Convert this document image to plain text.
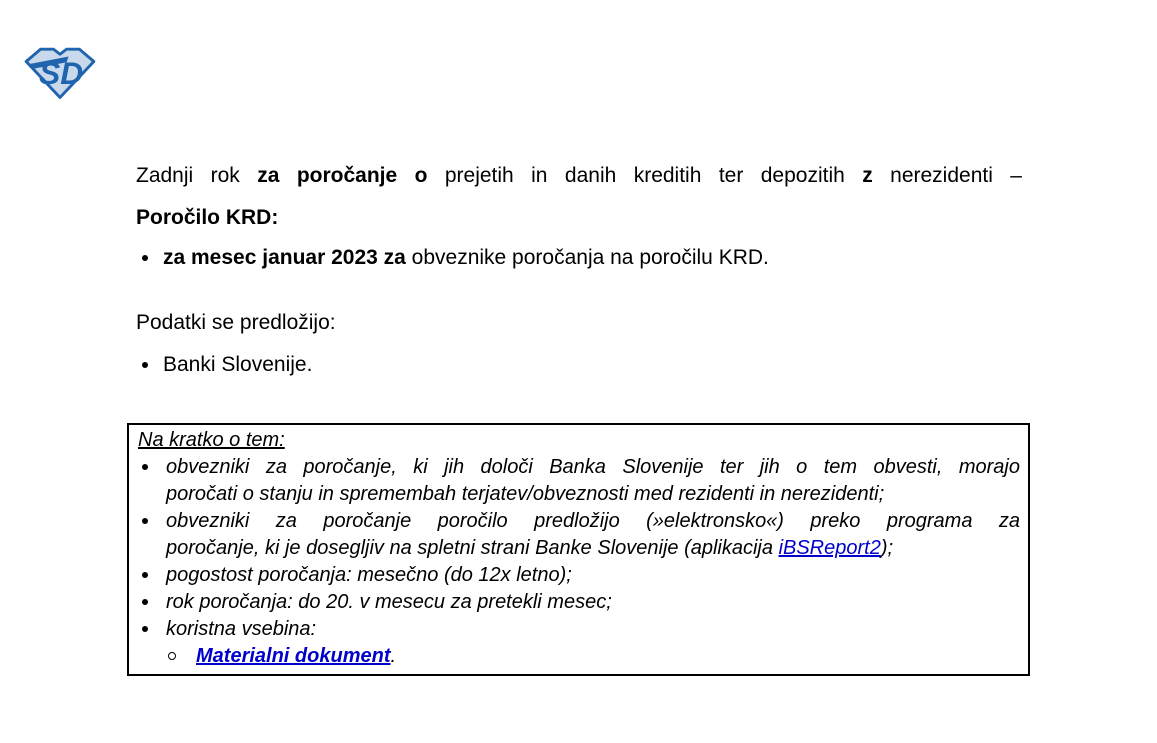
SD
Zadnji rok za poročanje o prejetih in danih kreditih ter depozitih z nerezidenti –
Poročilo KRD:
za mesec januar 2023 za obveznike poročanja na poročilu KRD.
Podatki se predložijo:
Banki Slovenije.
Na kratko o tem:
obvezniki za poročanje, ki jih določi Banka Slovenije ter jih o tem obvesti, morajo
poročati o stanju in spremembah terjatev/obveznosti med rezidenti in nerezidenti;
obvezniki za poročanje poročilo predložijo (»elektronsko«) preko programa za
poročanje, ki je dosegljiv na spletni strani Banke Slovenije (aplikacija iBSReport2);
pogostost poročanja: mesečno (do 12x letno);
rok poročanja: do 20. v mesecu za pretekli mesec;
koristna vsebina:
Materialni dokument.
